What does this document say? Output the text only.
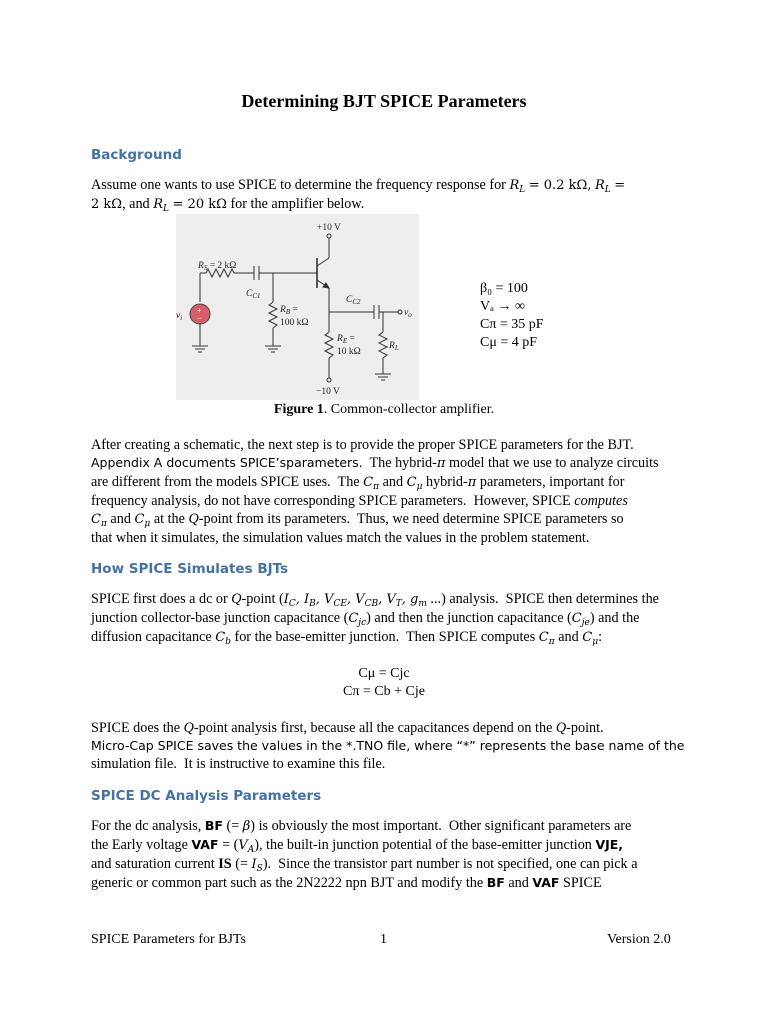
Determining BJT SPICE Parameters
Background

Assume one wants to use SPICE to determine the frequency response for $R_L = 0.2$ kΩ, $R_L$ =
2 kΩ, and $R_L = 20$ kΩ for the amplifier below.

+10 V
−10 V
$R_S = 2$ kΩ
$C_{C1}$	$C_{C2}$
$R_B$ =
100 kΩ
$R_E$ =
10 kΩ
$R_L$
$v_i$	$v_o$
+
−
β₀ = 100
Vₐ → ∞
Cπ = 35 pF
Cμ = 4 pF
Figure 1. Common-collector amplifier.

After creating a schematic, the next step is to provide the proper SPICE parameters for the BJT.
Appendix A documents SPICE’sparameters.  The hybrid-π model that we use to analyze circuits
are different from the models SPICE uses.  The $C_\pi$ and $C_\mu$ hybrid-π parameters, important for
frequency analysis, do not have corresponding SPICE parameters.  However, SPICE computes
$C_\pi$ and $C_\mu$ at the Q-point from its parameters.  Thus, we need determine SPICE parameters so
that when it simulates, the simulation values match the values in the problem statement.

How SPICE Simulates BJTs

SPICE first does a dc or Q-point ($I_C$, $I_B$, $V_{CE}$, $V_{CB}$, $V_T$, $g_m$ ...) analysis.  SPICE then determines the
junction collector-base junction capacitance $(C_{jc})$ and then the junction capacitance $(C_{je})$ and the
diffusion capacitance $C_b$ for the base-emitter junction.  Then SPICE computes $C_\pi$ and $C_\mu$:

Cμ = Cjc
Cπ = Cb + Cje

SPICE does the Q-point analysis first, because all the capacitances depend on the Q-point.
Micro-Cap SPICE saves the values in the *.TNO file, where “*” represents the base name of the
simulation file.  It is instructive to examine this file.

SPICE DC Analysis Parameters

For the dc analysis, BF (= β) is obviously the most important.  Other significant parameters are
the Early voltage VAF = $(V_A)$, the built-in junction potential of the base-emitter junction VJE,
and saturation current IS (= $I_S$).  Since the transistor part number is not specified, one can pick a
generic or common part such as the 2N2222 npn BJT and modify the BF and VAF SPICE

SPICE Parameters for BJTs	1	Version 2.0
